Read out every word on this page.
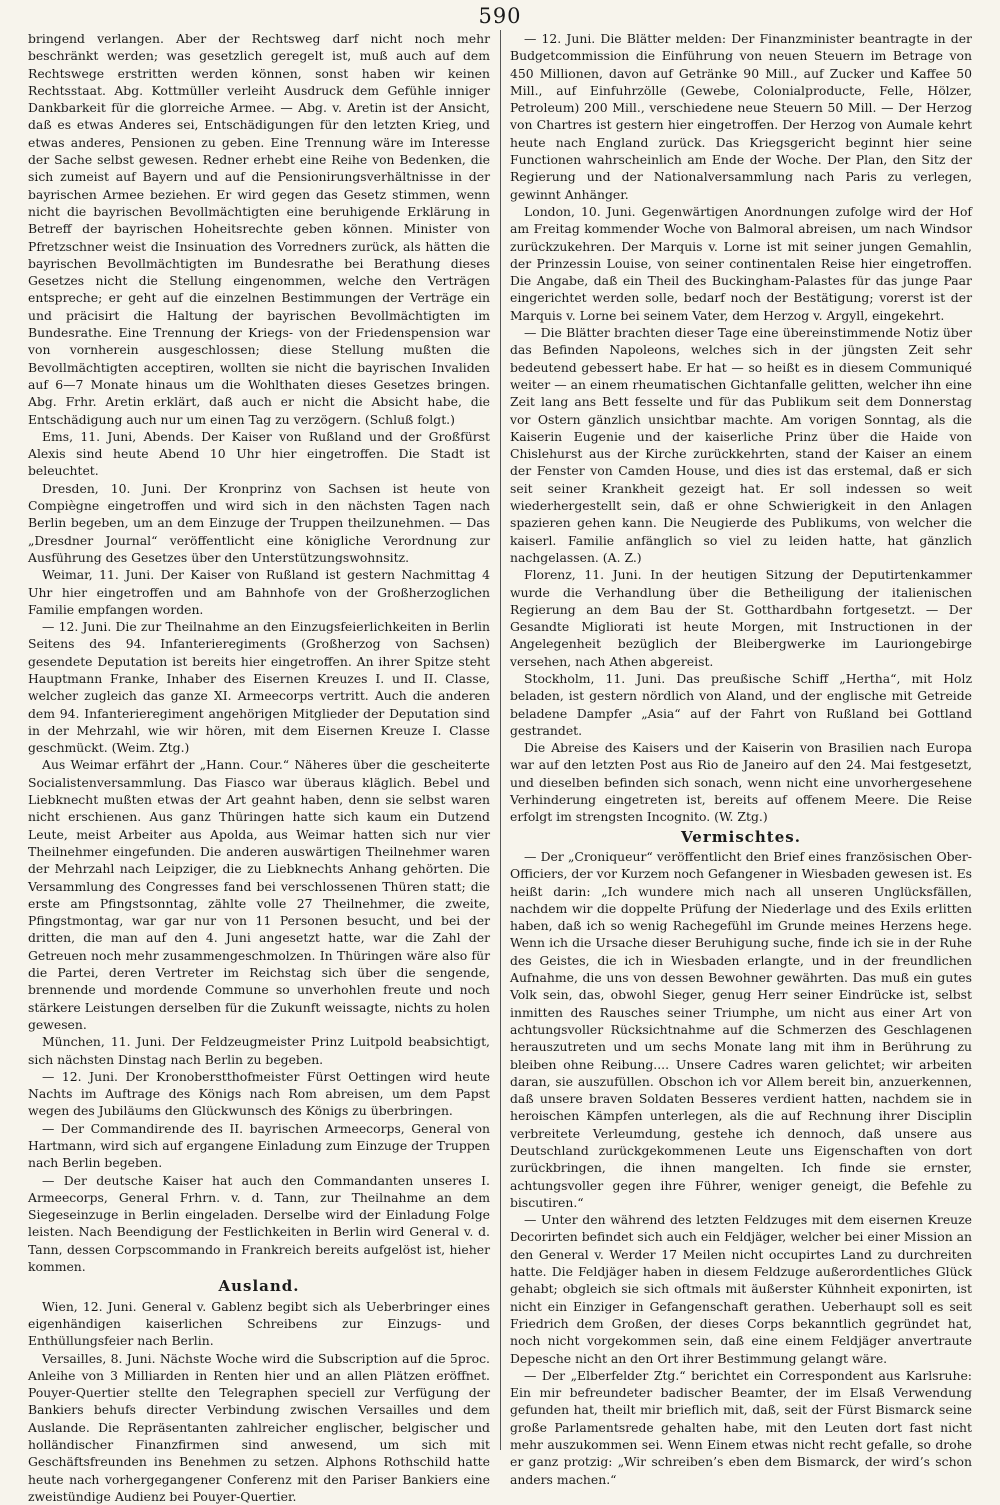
590

bringend verlangen. Aber der Rechtsweg darf nicht noch mehr beschränkt werden; was gesetzlich geregelt ist, muß auch auf dem Rechtswege erstritten werden können, sonst haben wir keinen Rechtsstaat. Abg. Kottmüller verleiht Ausdruck dem Gefühle inniger Dankbarkeit für die glorreiche Armee. — Abg. v. Aretin ist der Ansicht, daß es etwas Anderes sei, Entschädigungen für den letzten Krieg, und etwas anderes, Pensionen zu geben. Eine Trennung wäre im Interesse der Sache selbst gewesen. Redner erhebt eine Reihe von Bedenken, die sich zumeist auf Bayern und auf die Pensionirungsverhältnisse in der bayrischen Armee beziehen. Er wird gegen das Gesetz stimmen, wenn nicht die bayrischen Bevollmächtigten eine beruhigende Erklärung in Betreff der bayrischen Hoheitsrechte geben können. Minister von Pfretzschner weist die Insinuation des Vorredners zurück, als hätten die bayrischen Bevollmächtigten im Bundesrathe bei Berathung dieses Gesetzes nicht die Stellung eingenommen, welche den Verträgen entspreche; er geht auf die einzelnen Bestimmungen der Verträge ein und präcisirt die Haltung der bayrischen Bevollmächtigten im Bundesrathe. Eine Trennung der Kriegs- von der Friedenspension war von vornherein ausgeschlossen; diese Stellung mußten die Bevollmächtigten acceptiren, wollten sie nicht die bayrischen Invaliden auf 6—7 Monate hinaus um die Wohlthaten dieses Gesetzes bringen. Abg. Frhr. Aretin erklärt, daß auch er nicht die Absicht habe, die Entschädigung auch nur um einen Tag zu verzögern. (Schluß folgt.)

Ems, 11. Juni, Abends. Der Kaiser von Rußland und der Großfürst Alexis sind heute Abend 10 Uhr hier eingetroffen. Die Stadt ist beleuchtet.

Dresden, 10. Juni. Der Kronprinz von Sachsen ist heute von Compiègne eingetroffen und wird sich in den nächsten Tagen nach Berlin begeben, um an dem Einzuge der Truppen theilzunehmen. — Das „Dresdner Journal“ veröffentlicht eine königliche Verordnung zur Ausführung des Gesetzes über den Unterstützungswohnsitz.

Weimar, 11. Juni. Der Kaiser von Rußland ist gestern Nachmittag 4 Uhr hier eingetroffen und am Bahnhofe von der Großherzoglichen Familie empfangen worden.

— 12. Juni. Die zur Theilnahme an den Einzugsfeierlichkeiten in Berlin Seitens des 94. Infanterieregiments (Großherzog von Sachsen) gesendete Deputation ist bereits hier eingetroffen. An ihrer Spitze steht Hauptmann Franke, Inhaber des Eisernen Kreuzes I. und II. Classe, welcher zugleich das ganze XI. Armeecorps vertritt. Auch die anderen dem 94. Infanterieregiment angehörigen Mitglieder der Deputation sind in der Mehrzahl, wie wir hören, mit dem Eisernen Kreuze I. Classe geschmückt. (Weim. Ztg.)

Aus Weimar erfährt der „Hann. Cour.“ Näheres über die gescheiterte Socialistenversammlung. Das Fiasco war überaus kläglich. Bebel und Liebknecht mußten etwas der Art geahnt haben, denn sie selbst waren nicht erschienen. Aus ganz Thüringen hatte sich kaum ein Dutzend Leute, meist Arbeiter aus Apolda, aus Weimar hatten sich nur vier Theilnehmer eingefunden. Die anderen auswärtigen Theilnehmer waren der Mehrzahl nach Leipziger, die zu Liebknechts Anhang gehörten. Die Versammlung des Congresses fand bei verschlossenen Thüren statt; die erste am Pfingstsonntag, zählte volle 27 Theilnehmer, die zweite, Pfingstmontag, war gar nur von 11 Personen besucht, und bei der dritten, die man auf den 4. Juni angesetzt hatte, war die Zahl der Getreuen noch mehr zusammengeschmolzen. In Thüringen wäre also für die Partei, deren Vertreter im Reichstag sich über die sengende, brennende und mordende Commune so unverhohlen freute und noch stärkere Leistungen derselben für die Zukunft weissagte, nichts zu holen gewesen.

München, 11. Juni. Der Feldzeugmeister Prinz Luitpold beabsichtigt, sich nächsten Dinstag nach Berlin zu begeben.

— 12. Juni. Der Kronoberstthofmeister Fürst Oettingen wird heute Nachts im Auftrage des Königs nach Rom abreisen, um dem Papst wegen des Jubiläums den Glückwunsch des Königs zu überbringen.

— Der Commandirende des II. bayrischen Armeecorps, General von Hartmann, wird sich auf ergangene Einladung zum Einzuge der Truppen nach Berlin begeben.

— Der deutsche Kaiser hat auch den Commandanten unseres I. Armeecorps, General Frhrn. v. d. Tann, zur Theilnahme an dem Siegeseinzuge in Berlin eingeladen. Derselbe wird der Einladung Folge leisten. Nach Beendigung der Festlichkeiten in Berlin wird General v. d. Tann, dessen Corpscommando in Frankreich bereits aufgelöst ist, hieher kommen.

Ausland.

Wien, 12. Juni. General v. Gablenz begibt sich als Ueberbringer eines eigenhändigen kaiserlichen Schreibens zur Einzugs- und Enthüllungsfeier nach Berlin.

Versailles, 8. Juni. Nächste Woche wird die Subscription auf die 5proc. Anleihe von 3 Milliarden in Renten hier und an allen Plätzen eröffnet. Pouyer-Quertier stellte den Telegraphen speciell zur Verfügung der Bankiers behufs directer Verbindung zwischen Versailles und dem Auslande. Die Repräsentanten zahlreicher englischer, belgischer und holländischer Finanzfirmen sind anwesend, um sich mit Geschäftsfreunden ins Benehmen zu setzen. Alphons Rothschild hatte heute nach vorhergegangener Conferenz mit den Pariser Bankiers eine zweistündige Audienz bei Pouyer-Quertier.

— 12. Juni. Die Blätter melden: Der Finanzminister beantragte in der Budgetcommission die Einführung von neuen Steuern im Betrage von 450 Millionen, davon auf Getränke 90 Mill., auf Zucker und Kaffee 50 Mill., auf Einfuhrzölle (Gewebe, Colonialproducte, Felle, Hölzer, Petroleum) 200 Mill., verschiedene neue Steuern 50 Mill. — Der Herzog von Chartres ist gestern hier eingetroffen. Der Herzog von Aumale kehrt heute nach England zurück. Das Kriegsgericht beginnt hier seine Functionen wahrscheinlich am Ende der Woche. Der Plan, den Sitz der Regierung und der Nationalversammlung nach Paris zu verlegen, gewinnt Anhänger.

London, 10. Juni. Gegenwärtigen Anordnungen zufolge wird der Hof am Freitag kommender Woche von Balmoral abreisen, um nach Windsor zurückzukehren. Der Marquis v. Lorne ist mit seiner jungen Gemahlin, der Prinzessin Louise, von seiner continentalen Reise hier eingetroffen. Die Angabe, daß ein Theil des Buckingham-Palastes für das junge Paar eingerichtet werden solle, bedarf noch der Bestätigung; vorerst ist der Marquis v. Lorne bei seinem Vater, dem Herzog v. Argyll, eingekehrt.

— Die Blätter brachten dieser Tage eine übereinstimmende Notiz über das Befinden Napoleons, welches sich in der jüngsten Zeit sehr bedeutend gebessert habe. Er hat — so heißt es in diesem Communiqué weiter — an einem rheumatischen Gichtanfalle gelitten, welcher ihn eine Zeit lang ans Bett fesselte und für das Publikum seit dem Donnerstag vor Ostern gänzlich unsichtbar machte. Am vorigen Sonntag, als die Kaiserin Eugenie und der kaiserliche Prinz über die Haide von Chislehurst aus der Kirche zurückkehrten, stand der Kaiser an einem der Fenster von Camden House, und dies ist das erstemal, daß er sich seit seiner Krankheit gezeigt hat. Er soll indessen so weit wiederhergestellt sein, daß er ohne Schwierigkeit in den Anlagen spazieren gehen kann. Die Neugierde des Publikums, von welcher die kaiserl. Familie anfänglich so viel zu leiden hatte, hat gänzlich nachgelassen. (A. Z.)

Florenz, 11. Juni. In der heutigen Sitzung der Deputirtenkammer wurde die Verhandlung über die Betheiligung der italienischen Regierung an dem Bau der St. Gotthardbahn fortgesetzt. — Der Gesandte Migliorati ist heute Morgen, mit Instructionen in der Angelegenheit bezüglich der Bleibergwerke im Lauriongebirge versehen, nach Athen abgereist.

Stockholm, 11. Juni. Das preußische Schiff „Hertha“, mit Holz beladen, ist gestern nördlich von Aland, und der englische mit Getreide beladene Dampfer „Asia“ auf der Fahrt von Rußland bei Gottland gestrandet.

Die Abreise des Kaisers und der Kaiserin von Brasilien nach Europa war auf den letzten Post aus Rio de Janeiro auf den 24. Mai festgesetzt, und dieselben befinden sich sonach, wenn nicht eine unvorhergesehene Verhinderung eingetreten ist, bereits auf offenem Meere. Die Reise erfolgt im strengsten Incognito. (W. Ztg.)

Vermischtes.

— Der „Croniqueur“ veröffentlicht den Brief eines französischen Ober-Officiers, der vor Kurzem noch Gefangener in Wiesbaden gewesen ist. Es heißt darin: „Ich wundere mich nach all unseren Unglücksfällen, nachdem wir die doppelte Prüfung der Niederlage und des Exils erlitten haben, daß ich so wenig Rachegefühl im Grunde meines Herzens hege. Wenn ich die Ursache dieser Beruhigung suche, finde ich sie in der Ruhe des Geistes, die ich in Wiesbaden erlangte, und in der freundlichen Aufnahme, die uns von dessen Bewohner gewährten. Das muß ein gutes Volk sein, das, obwohl Sieger, genug Herr seiner Eindrücke ist, selbst inmitten des Rausches seiner Triumphe, um nicht aus einer Art von achtungsvoller Rücksichtnahme auf die Schmerzen des Geschlagenen herauszutreten und um sechs Monate lang mit ihm in Berührung zu bleiben ohne Reibung.... Unsere Cadres waren gelichtet; wir arbeiten daran, sie auszufüllen. Obschon ich vor Allem bereit bin, anzuerkennen, daß unsere braven Soldaten Besseres verdient hatten, nachdem sie in heroischen Kämpfen unterlegen, als die auf Rechnung ihrer Disciplin verbreitete Verleumdung, gestehe ich dennoch, daß unsere aus Deutschland zurückgekommenen Leute uns Eigenschaften von dort zurückbringen, die ihnen mangelten. Ich finde sie ernster, achtungsvoller gegen ihre Führer, weniger geneigt, die Befehle zu biscutiren.“

— Unter den während des letzten Feldzuges mit dem eisernen Kreuze Decorirten befindet sich auch ein Feldjäger, welcher bei einer Mission an den General v. Werder 17 Meilen nicht occupirtes Land zu durchreiten hatte. Die Feldjäger haben in diesem Feldzuge außerordentliches Glück gehabt; obgleich sie sich oftmals mit äußerster Kühnheit exponirten, ist nicht ein Einziger in Gefangenschaft gerathen. Ueberhaupt soll es seit Friedrich dem Großen, der dieses Corps bekanntlich gegründet hat, noch nicht vorgekommen sein, daß eine einem Feldjäger anvertraute Depesche nicht an den Ort ihrer Bestimmung gelangt wäre.

— Der „Elberfelder Ztg.“ berichtet ein Correspondent aus Karlsruhe: Ein mir befreundeter badischer Beamter, der im Elsaß Verwendung gefunden hat, theilt mir brieflich mit, daß, seit der Fürst Bismarck seine große Parlamentsrede gehalten habe, mit den Leuten dort fast nicht mehr auszukommen sei. Wenn Einem etwas nicht recht gefalle, so drohe er ganz protzig: „Wir schreiben’s eben dem Bismarck, der wird’s schon anders machen.“
